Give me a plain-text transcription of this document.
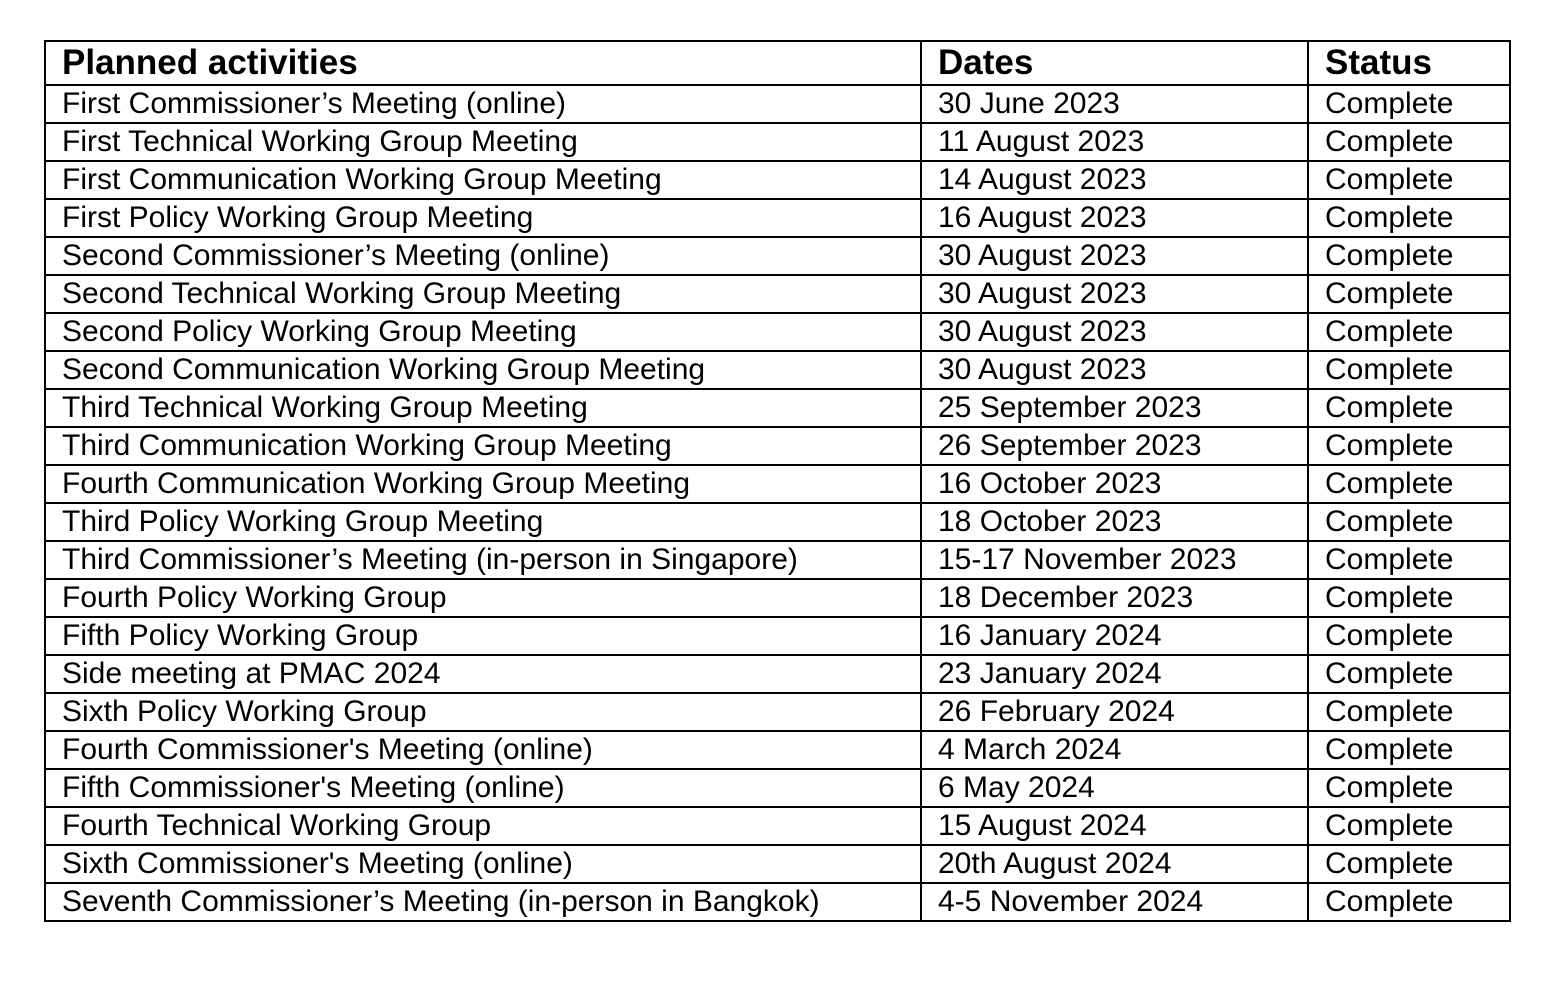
Planned activities	Dates	Status
First Commissioner’s Meeting (online)	30 June 2023	Complete
First Technical Working Group Meeting	11 August 2023	Complete
First Communication Working Group Meeting	14 August 2023	Complete
First Policy Working Group Meeting	16 August 2023	Complete
Second Commissioner’s Meeting (online)	30 August 2023	Complete
Second Technical Working Group Meeting	30 August 2023	Complete
Second Policy Working Group Meeting	30 August 2023	Complete
Second Communication Working Group Meeting	30 August 2023	Complete
Third Technical Working Group Meeting	25 September 2023	Complete
Third Communication Working Group Meeting	26 September 2023	Complete
Fourth Communication Working Group Meeting	16 October 2023	Complete
Third Policy Working Group Meeting	18 October 2023	Complete
Third Commissioner’s Meeting (in-person in Singapore)	15-17 November 2023	Complete
Fourth Policy Working Group	18 December 2023	Complete
Fifth Policy Working Group	16 January 2024	Complete
Side meeting at PMAC 2024	23 January 2024	Complete
Sixth Policy Working Group	26 February 2024	Complete
Fourth Commissioner's Meeting (online)	4 March 2024	Complete
Fifth Commissioner's Meeting (online)	6 May 2024	Complete
Fourth Technical Working Group	15 August 2024	Complete
Sixth Commissioner's Meeting (online)	20th August 2024	Complete
Seventh Commissioner’s Meeting (in-person in Bangkok)	4-5 November 2024	Complete
